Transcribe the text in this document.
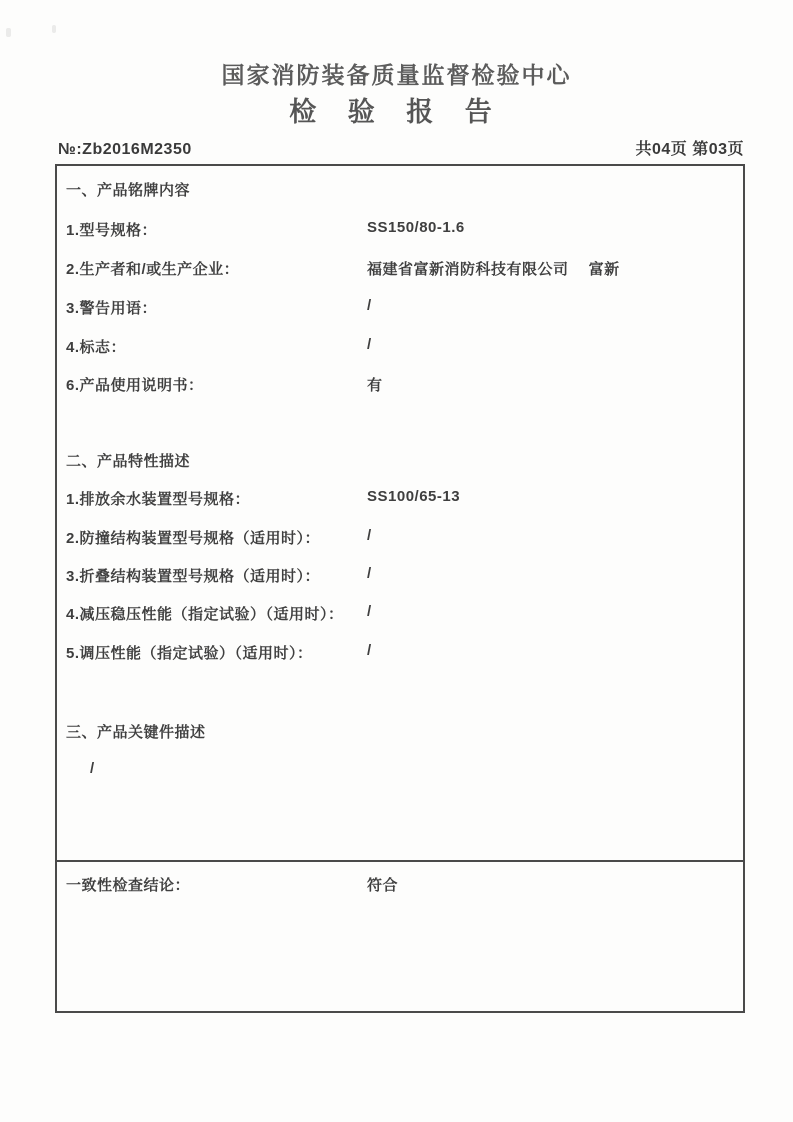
国家消防装备质量监督检验中心
检 验 报 告
№:Zb2016M2350	共04页 第03页
一、产品铭牌内容
1.型号规格：	SS150/80-1.6
2.生产者和/或生产企业：	福建省富新消防科技有限公司　 富新
3.警告用语：	/
4.标志：	/
6.产品使用说明书：	有
二、产品特性描述
1.排放余水装置型号规格：	SS100/65-13
2.防撞结构装置型号规格（适用时）：	/
3.折叠结构装置型号规格（适用时）：	/
4.减压稳压性能（指定试验）（适用时）： /
5.调压性能（指定试验）（适用时）：	/
三、产品关键件描述
/
一致性检查结论：	符合
